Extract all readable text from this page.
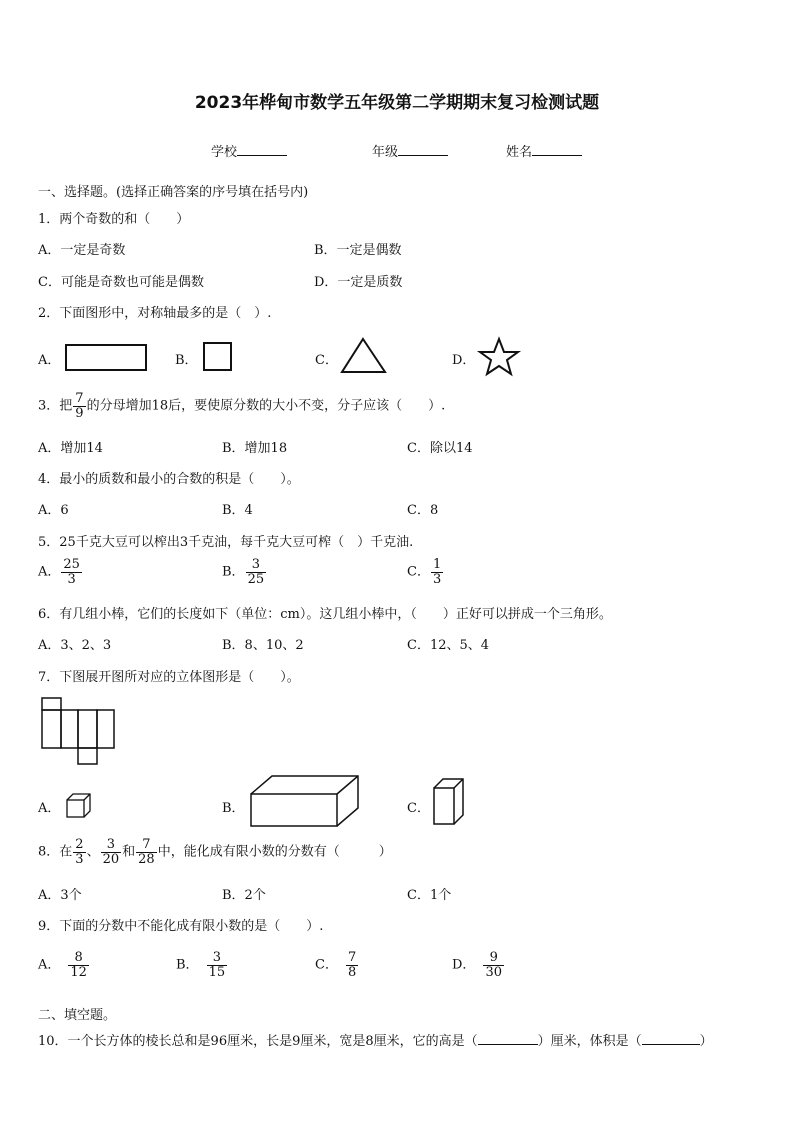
2023年桦甸市数学五年级第二学期期末复习检测试题
学校	年级	姓名
一、选择题。(选择正确答案的序号填在括号内)
1．两个奇数的和（　　）
A．一定是奇数	B．一定是偶数
C．可能是奇数也可能是偶数	D．一定是质数
2．下面图形中，对称轴最多的是（　）.
A．	B．	C．	D．
3．把 $\frac{7}{9}$ 的分母增加18后，要使原分数的大小不变，分子应该（　　）.
A．增加14	B．增加18	C．除以14
4．最小的质数和最小的合数的积是（　　）。
A．6	B．4	C．8
5．25千克大豆可以榨出3千克油，每千克大豆可榨（　）千克油.
A． $\frac{25}{3}$	B． $\frac{3}{25}$	C． $\frac{1}{3}$
6．有几组小棒，它们的长度如下（单位：cm）。这几组小棒中，（　　）正好可以拼成一个三角形。
A．3、2、3	B．8、10、2	C．12、5、4
7．下图展开图所对应的立体图形是（　　）。
A．	B．	C．
8．在 $\frac{2}{3}$ 、 $\frac{3}{20}$ 和 $\frac{7}{28}$ 中，能化成有限小数的分数有（　　　）
A．3个	B．2个	C．1个
9．下面的分数中不能化成有限小数的是（　　）.
A． $\frac{8}{12}$	B． $\frac{3}{15}$	C． $\frac{7}{8}$	D． $\frac{9}{30}$
二、填空题。
10．一个长方体的棱长总和是96厘米，长是9厘米，宽是8厘米，它的高是（	）厘米，体积是（	）
